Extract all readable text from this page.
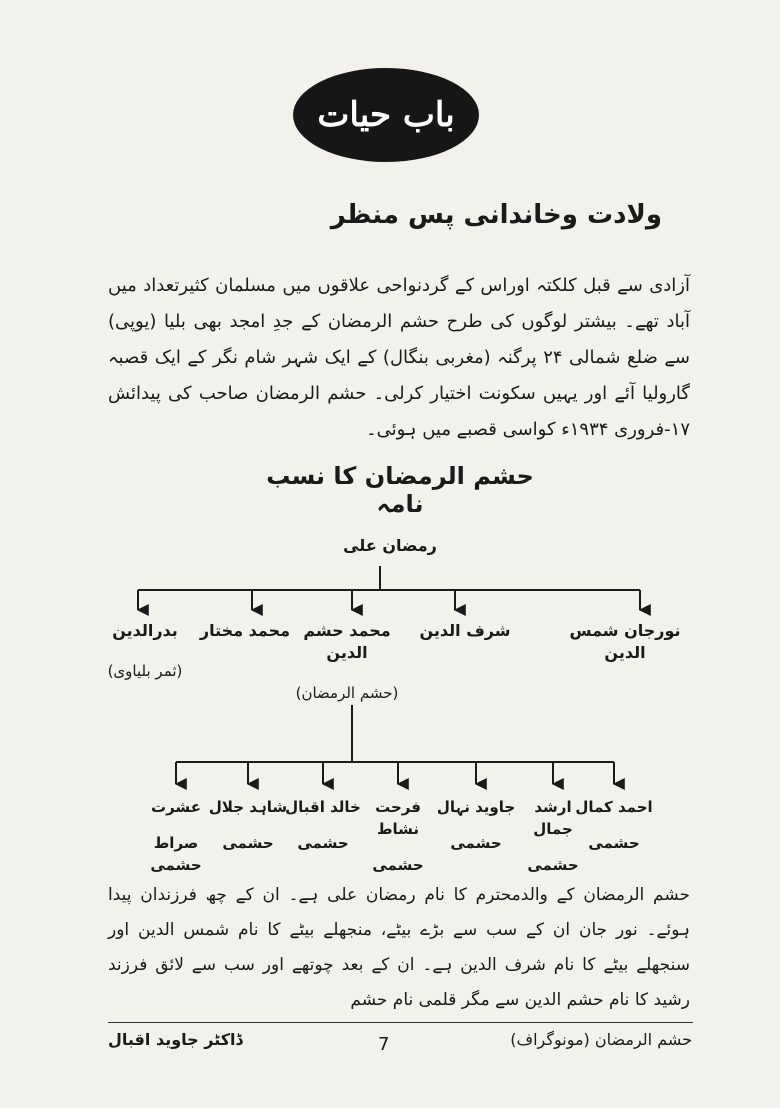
باب حیات
ولادت وخاندانی پس منظر
آزادی سے قبل کلکتہ اوراس کے گردنواحی علاقوں میں مسلمان کثیرتعداد میں آباد تھے۔ بیشتر لوگوں کی طرح حشم الرمضان کے جدِ امجد بھی بلیا (یوپی) سے ضلع شمالی ۲۴ پرگنہ (مغربی بنگال) کے ایک شہر شام نگر کے ایک قصبہ گارولیا آئے اور یہیں سکونت اختیار کرلی۔ حشم الرمضان صاحب کی پیدائش ۱۷-فروری ۱۹۳۴ء کواسی قصبے میں ہوئی۔
حشم الرمضان کا نسب نامہ
رمضان علی
نورجان شمس الدین
شرف الدین
محمد حشم الدین
(حشم الرمضان)
محمد مختار
بدرالدین
(ثمر بلیاوی)
احمد کمال
حشمی
ارشد جمال
حشمی
جاوید نہال
حشمی
فرحت نشاط
حشمی
خالد اقبال
حشمی
شاہد جلال
حشمی
عشرت
صراط حشمی
حشم الرمضان کے والدمحترم کا نام رمضان علی ہے۔ ان کے چھ فرزندان پیدا ہوئے۔ نور جان ان کے سب سے بڑے بیٹے، منجھلے بیٹے کا نام شمس الدین اور سنجھلے بیٹے کا نام شرف الدین ہے۔ ان کے بعد چوتھے اور سب سے لائق فرزند رشید کا نام حشم الدین سے مگر قلمی نام حشم
ڈاکٹر جاوید اقبال	7	حشم الرمضان (مونوگراف)
